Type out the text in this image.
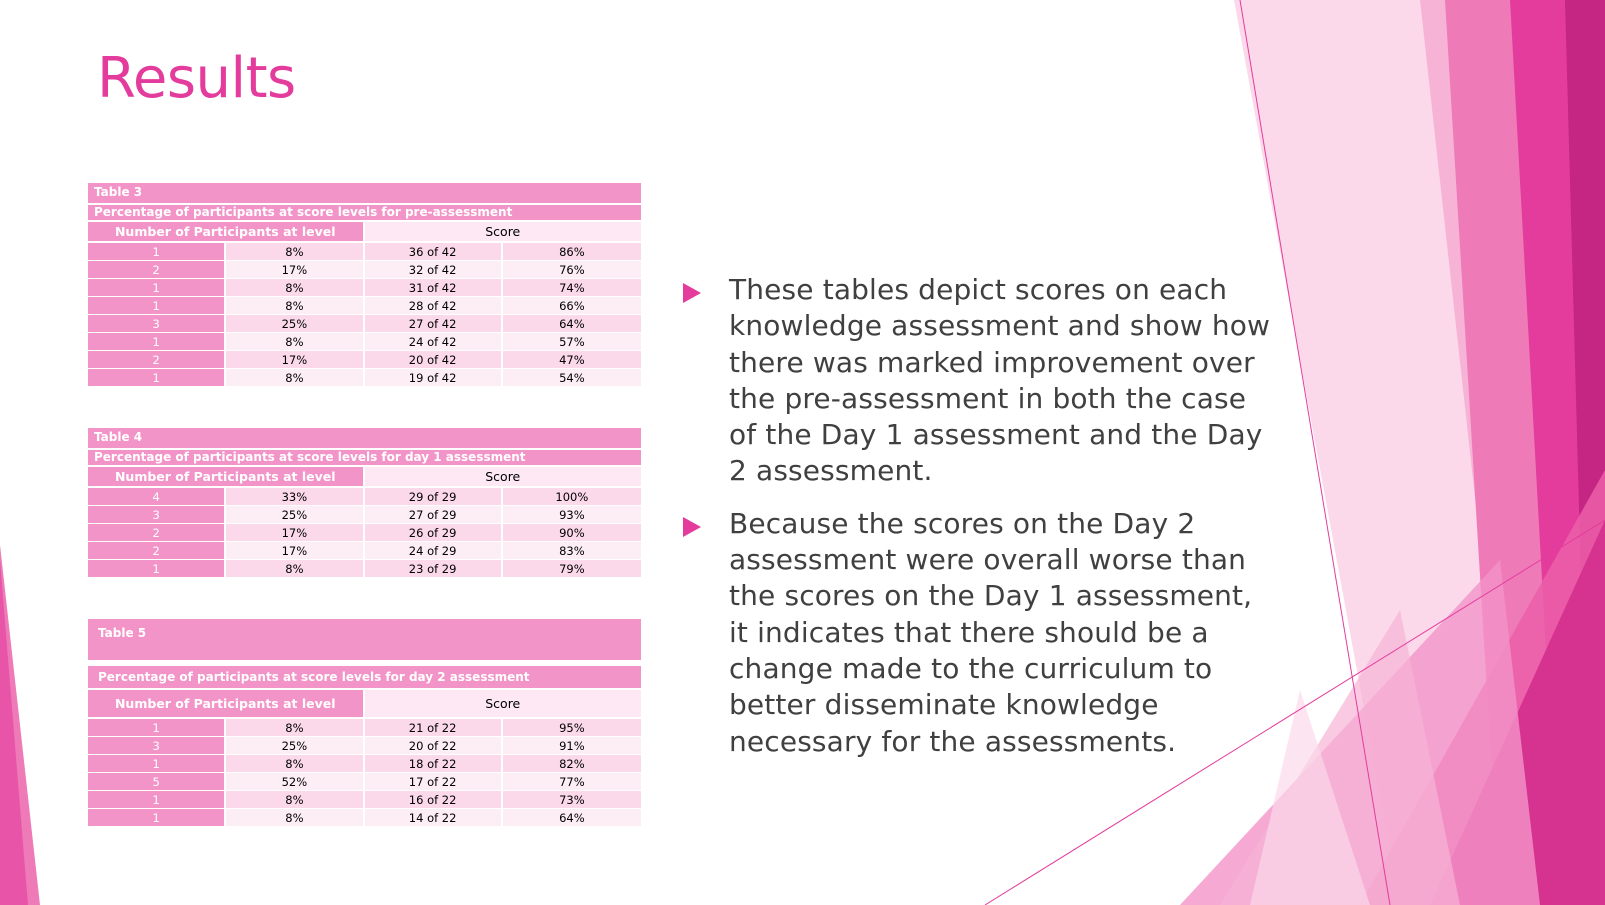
Results
Table 3
Percentage of participants at score levels for pre-assessment
Number of Participants at level	Score
1	8%	36 of 42	86%
2	17%	32 of 42	76%
1	8%	31 of 42	74%
1	8%	28 of 42	66%
3	25%	27 of 42	64%
1	8%	24 of 42	57%
2	17%	20 of 42	47%
1	8%	19 of 42	54%
Table 4
Percentage of participants at score levels for day 1 assessment
Number of Participants at level	Score
4	33%	29 of 29	100%
3	25%	27 of 29	93%
2	17%	26 of 29	90%
2	17%	24 of 29	83%
1	8%	23 of 29	79%
Table 5
Percentage of participants at score levels for day 2 assessment
Number of Participants at level	Score
1	8%	21 of 22	95%
3	25%	20 of 22	91%
1	8%	18 of 22	82%
5	52%	17 of 22	77%
1	8%	16 of 22	73%
1	8%	14 of 22	64%
These tables depict scores on each knowledge assessment and show how there was marked improvement over the pre-assessment in both the case of the Day 1 assessment and the Day 2 assessment.
Because the scores on the Day 2 assessment were overall worse than the scores on the Day 1 assessment, it indicates that there should be a change made to the curriculum to better disseminate knowledge necessary for the assessments.
